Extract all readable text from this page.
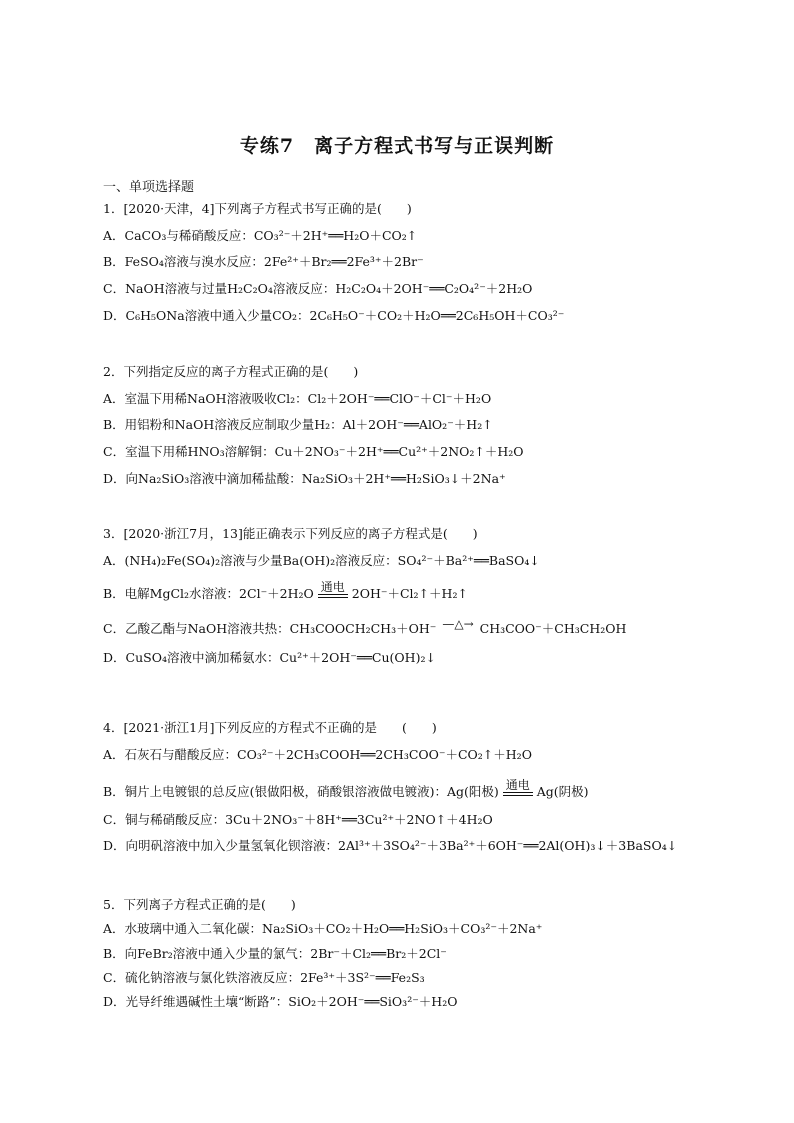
专练7　离子方程式书写与正误判断
一、单项选择题
1．[2020·天津，4]下列离子方程式书写正确的是(　　)
A．CaCO₃与稀硝酸反应：CO₃²⁻＋2H⁺══H₂O＋CO₂↑
B．FeSO₄溶液与溴水反应：2Fe²⁺＋Br₂══2Fe³⁺＋2Br⁻
C．NaOH溶液与过量H₂C₂O₄溶液反应：H₂C₂O₄＋2OH⁻══C₂O₄²⁻＋2H₂O
D．C₆H₅ONa溶液中通入少量CO₂：2C₆H₅O⁻＋CO₂＋H₂O══2C₆H₅OH＋CO₃²⁻
2．下列指定反应的离子方程式正确的是(　　)
A．室温下用稀NaOH溶液吸收Cl₂：Cl₂＋2OH⁻══ClO⁻＋Cl⁻＋H₂O
B．用铝粉和NaOH溶液反应制取少量H₂：Al＋2OH⁻══AlO₂⁻＋H₂↑
C．室温下用稀HNO₃溶解铜：Cu＋2NO₃⁻＋2H⁺══Cu²⁺＋2NO₂↑＋H₂O
D．向Na₂SiO₃溶液中滴加稀盐酸：Na₂SiO₃＋2H⁺══H₂SiO₃↓＋2Na⁺
3．[2020·浙江7月，13]能正确表示下列反应的离子方程式是(　　)
A．(NH₄)₂Fe(SO₄)₂溶液与少量Ba(OH)₂溶液反应：SO₄²⁻＋Ba²⁺══BaSO₄↓
B．电解MgCl₂水溶液：2Cl⁻＋2H₂O 通电 2OH⁻＋Cl₂↑＋H₂↑
C．乙酸乙酯与NaOH溶液共热：CH₃COOCH₂CH₃＋OH⁻ —△→ CH₃COO⁻＋CH₃CH₂OH
D．CuSO₄溶液中滴加稀氨水：Cu²⁺＋2OH⁻══Cu(OH)₂↓
4．[2021·浙江1月]下列反应的方程式不正确的是　　(　　)
A．石灰石与醋酸反应：CO₃²⁻＋2CH₃COOH══2CH₃COO⁻＋CO₂↑＋H₂O
B．铜片上电镀银的总反应(银做阳极，硝酸银溶液做电镀液)：Ag(阳极) 通电 Ag(阴极)
C．铜与稀硝酸反应：3Cu＋2NO₃⁻＋8H⁺══3Cu²⁺＋2NO↑＋4H₂O
D．向明矾溶液中加入少量氢氧化钡溶液：2Al³⁺＋3SO₄²⁻＋3Ba²⁺＋6OH⁻══2Al(OH)₃↓＋3BaSO₄↓
5．下列离子方程式正确的是(　　)
A．水玻璃中通入二氧化碳：Na₂SiO₃＋CO₂＋H₂O══H₂SiO₃＋CO₃²⁻＋2Na⁺
B．向FeBr₂溶液中通入少量的氯气：2Br⁻＋Cl₂══Br₂＋2Cl⁻
C．硫化钠溶液与氯化铁溶液反应：2Fe³⁺＋3S²⁻══Fe₂S₃
D．光导纤维遇碱性土壤“断路”：SiO₂＋2OH⁻══SiO₃²⁻＋H₂O
